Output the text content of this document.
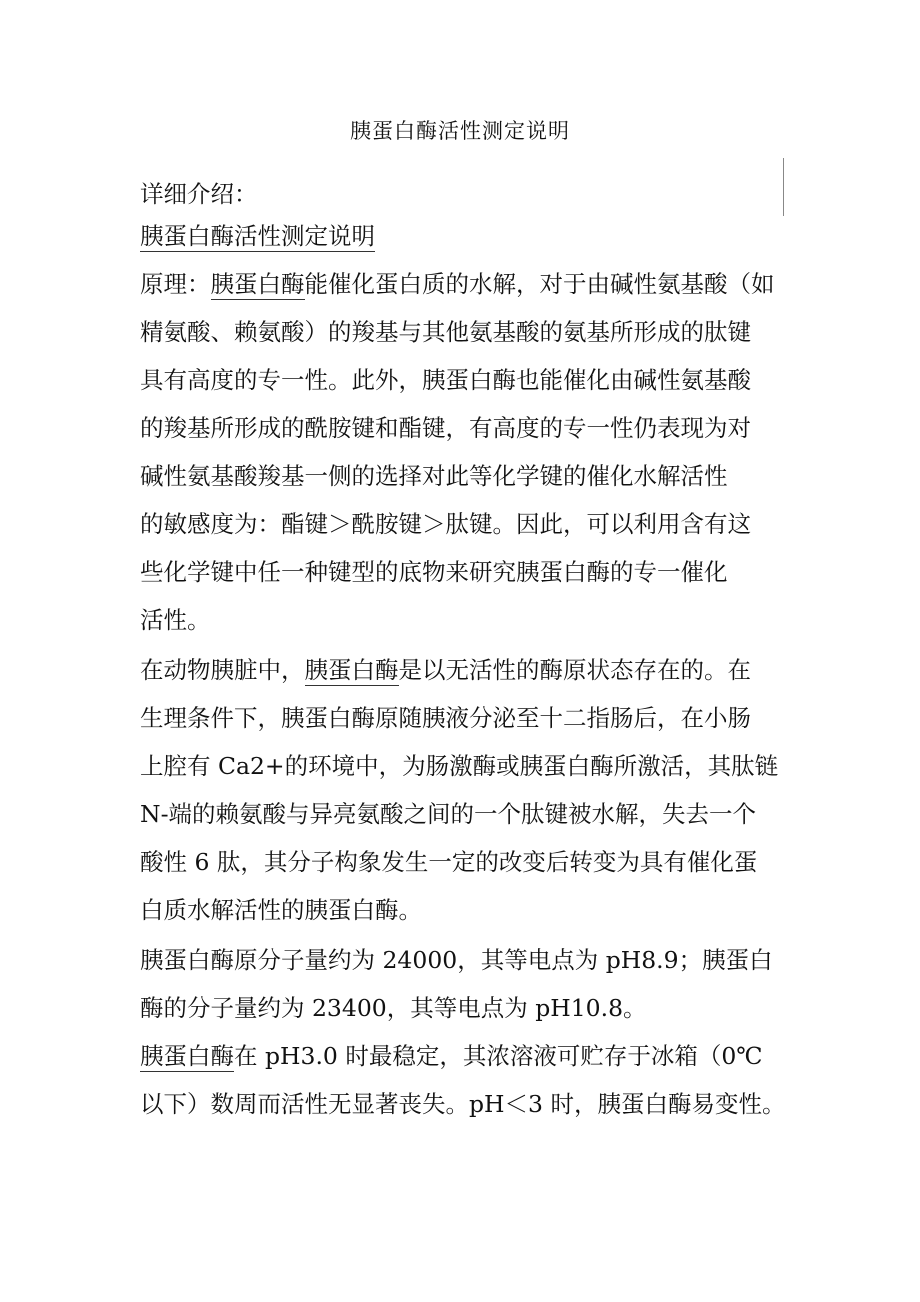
胰蛋白酶活性测定说明
详细介绍：
胰蛋白酶活性测定说明
原理：胰蛋白酶能催化蛋白质的水解，对于由碱性氨基酸（如
精氨酸、赖氨酸）的羧基与其他氨基酸的氨基所形成的肽键
具有高度的专一性。此外，胰蛋白酶也能催化由碱性氨基酸
的羧基所形成的酰胺键和酯键，有高度的专一性仍表现为对
碱性氨基酸羧基一侧的选择对此等化学键的催化水解活性
的敏感度为：酯键＞酰胺键＞肽键。因此，可以利用含有这
些化学键中任一种键型的底物来研究胰蛋白酶的专一催化
活性。
在动物胰脏中，胰蛋白酶是以无活性的酶原状态存在的。在
生理条件下，胰蛋白酶原随胰液分泌至十二指肠后，在小肠
上腔有 Ca2+的环境中，为肠激酶或胰蛋白酶所激活，其肽链
N-端的赖氨酸与异亮氨酸之间的一个肽键被水解，失去一个
酸性 6 肽，其分子构象发生一定的改变后转变为具有催化蛋
白质水解活性的胰蛋白酶。
胰蛋白酶原分子量约为 24000，其等电点为 pH8.9；胰蛋白
酶的分子量约为 23400，其等电点为 pH10.8。
胰蛋白酶在 pH3.0 时最稳定，其浓溶液可贮存于冰箱（0℃
以下）数周而活性无显著丧失。pH＜3 时，胰蛋白酶易变性。
